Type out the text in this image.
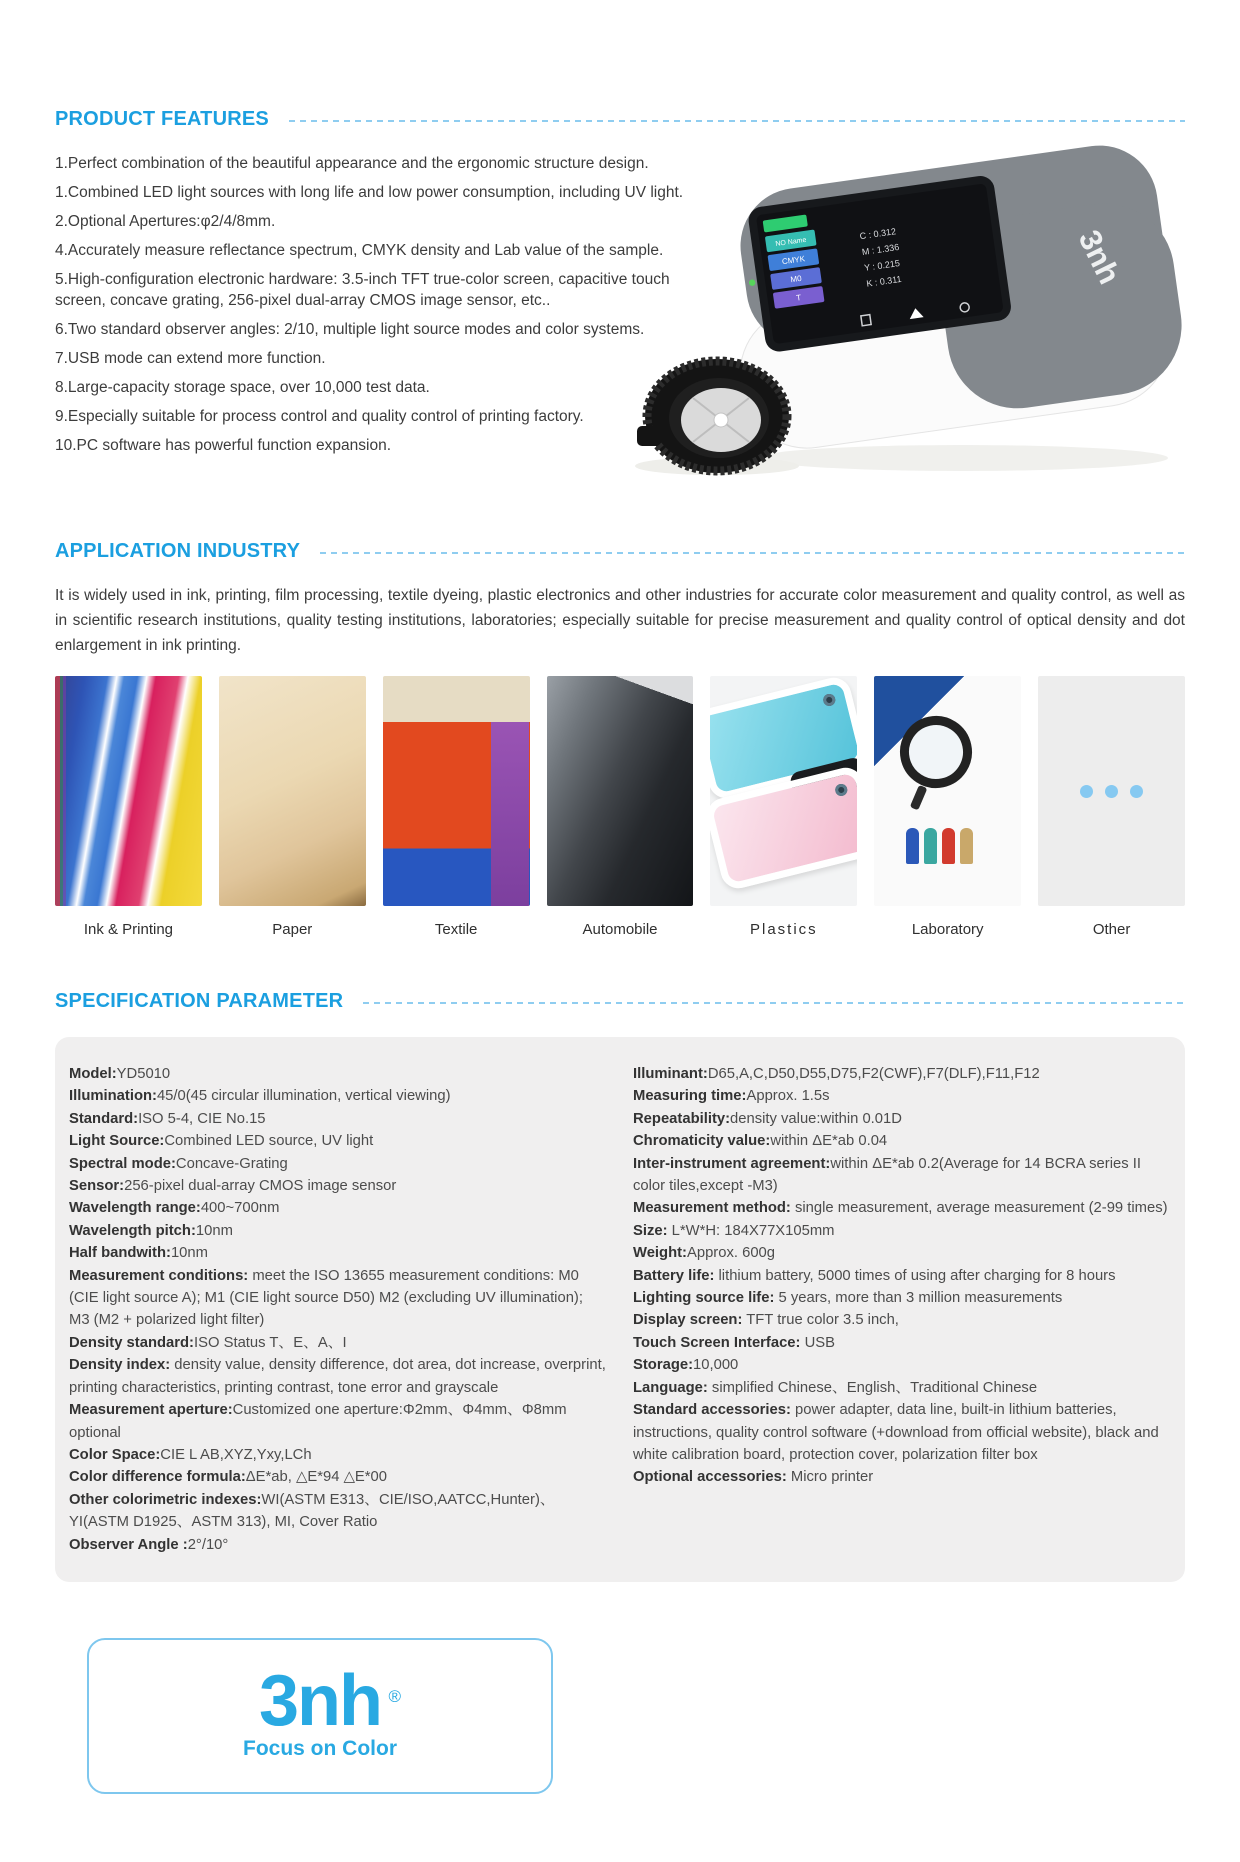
PRODUCT FEATURES

1.Perfect combination of the beautiful appearance and the ergonomic structure design.

1.Combined LED light sources with long life and low power consumption, including UV light.

2.Optional Apertures:φ2/4/8mm.

4.Accurately measure reflectance spectrum, CMYK density and Lab value of the sample.

5.High-configuration electronic hardware: 3.5-inch TFT true-color screen, capacitive touch screen, concave grating, 256-pixel dual-array CMOS image sensor, etc..

6.Two standard observer angles: 2/10, multiple light source modes and color systems.

7.USB mode can extend more function.

8.Large-capacity storage space, over 10,000 test data.

9.Especially suitable for process control and quality control of printing factory.

10.PC software has powerful function expansion.

NO Name
CMYK
M0
T
C : 0.312
M : 1.336
Y : 0.215
K : 0.311	3nh
APPLICATION INDUSTRY

It is widely used in ink, printing, film processing, textile dyeing, plastic electronics and other industries for accurate color measurement and quality control, as well as in scientific research institutions, quality testing institutions, laboratories; especially suitable for precise measurement and quality control of optical density and dot enlargement in ink printing.

Ink & Printing	Paper	Textile	Automobile	Plastics	Laboratory	Other
SPECIFICATION PARAMETER

Model:YD5010

Illumination:45/0(45 circular illumination, vertical viewing)

Standard:ISO 5-4, CIE No.15

Light Source:Combined LED source, UV light

Spectral mode:Concave-Grating

Sensor:256-pixel dual-array CMOS image sensor

Wavelength range:400~700nm

Wavelength pitch:10nm

Half bandwith:10nm

Measurement conditions: meet the ISO 13655 measurement conditions: M0 (CIE light source A); M1 (CIE light source D50) M2 (excluding UV illumination); M3 (M2 + polarized light filter)

Density standard:ISO Status T、E、A、I

Density index: density value, density difference, dot area, dot increase, overprint, printing characteristics, printing contrast, tone error and grayscale

Measurement aperture:Customized one aperture:Φ2mm、Φ4mm、Φ8mm optional

Color Space:CIE L AB,XYZ,Yxy,LCh

Color difference formula:ΔE*ab, △E*94 △E*00

Other colorimetric indexes:WI(ASTM E313、CIE/ISO,AATCC,Hunter)、YI(ASTM D1925、ASTM 313), MI, Cover Ratio

Observer Angle :2°/10°

Illuminant:D65,A,C,D50,D55,D75,F2(CWF),F7(DLF),F11,F12

Measuring time:Approx. 1.5s

Repeatability:density value:within 0.01D

Chromaticity value:within ΔE*ab 0.04

Inter-instrument agreement:within ΔE*ab 0.2(Average for 14 BCRA series II color tiles,except -M3)

Measurement method: single measurement, average measurement (2-99 times)

Size: L*W*H: 184X77X105mm

Weight:Approx. 600g

Battery life: lithium battery, 5000 times of using after charging for 8 hours

Lighting source life: 5 years, more than 3 million measurements

Display screen: TFT true color 3.5 inch,

Touch Screen Interface: USB

Storage:10,000

Language: simplified Chinese、English、Traditional Chinese

Standard accessories: power adapter, data line, built-in lithium batteries, instructions, quality control software (+download from official website), black and white calibration board, protection cover, polarization filter box

Optional accessories: Micro printer

3nh ®
Focus on Color
